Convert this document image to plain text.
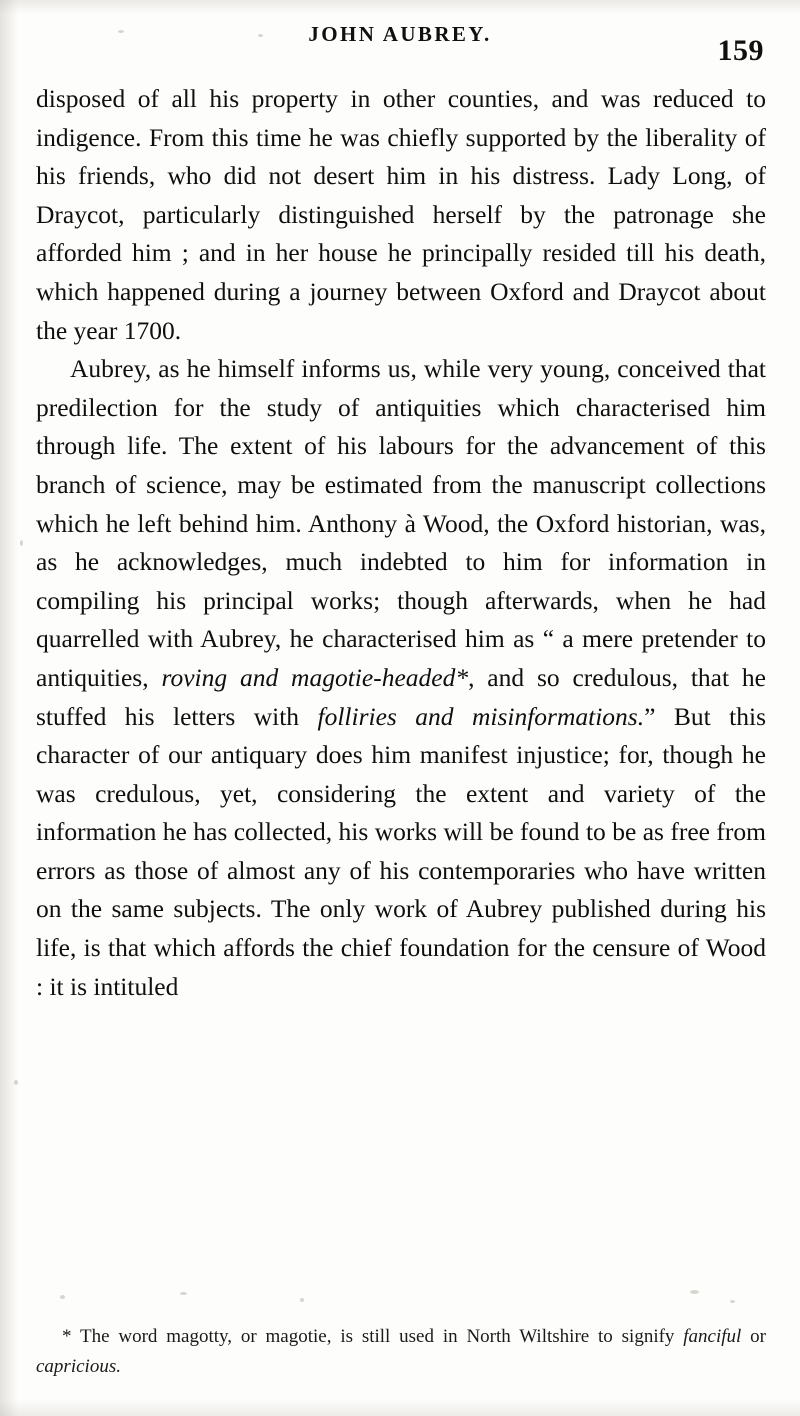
JOHN AUBREY.	159

disposed of all his property in other counties, and was reduced to indigence. From this time he was chiefly supported by the liberality of his friends, who did not desert him in his distress. Lady Long, of Draycot, particularly distinguished herself by the patronage she afforded him ; and in her house he principally resided till his death, which happened during a journey between Oxford and Draycot about the year 1700.

Aubrey, as he himself informs us, while very young, conceived that predilection for the study of antiquities which characterised him through life. The extent of his labours for the advancement of this branch of science, may be estimated from the manuscript collections which he left behind him. Anthony à Wood, the Oxford historian, was, as he acknowledges, much indebted to him for information in compiling his principal works; though afterwards, when he had quarrelled with Aubrey, he characterised him as “ a mere pretender to antiquities, roving and magotie-headed*, and so credulous, that he stuffed his letters with folliries and misinformations.” But this character of our antiquary does him manifest injustice; for, though he was credulous, yet, considering the extent and variety of the information he has collected, his works will be found to be as free from errors as those of almost any of his contemporaries who have written on the same subjects. The only work of Aubrey published during his life, is that which affords the chief foundation for the censure of Wood : it is intituled

* The word magotty, or magotie, is still used in North Wiltshire to signify fanciful or capricious.
